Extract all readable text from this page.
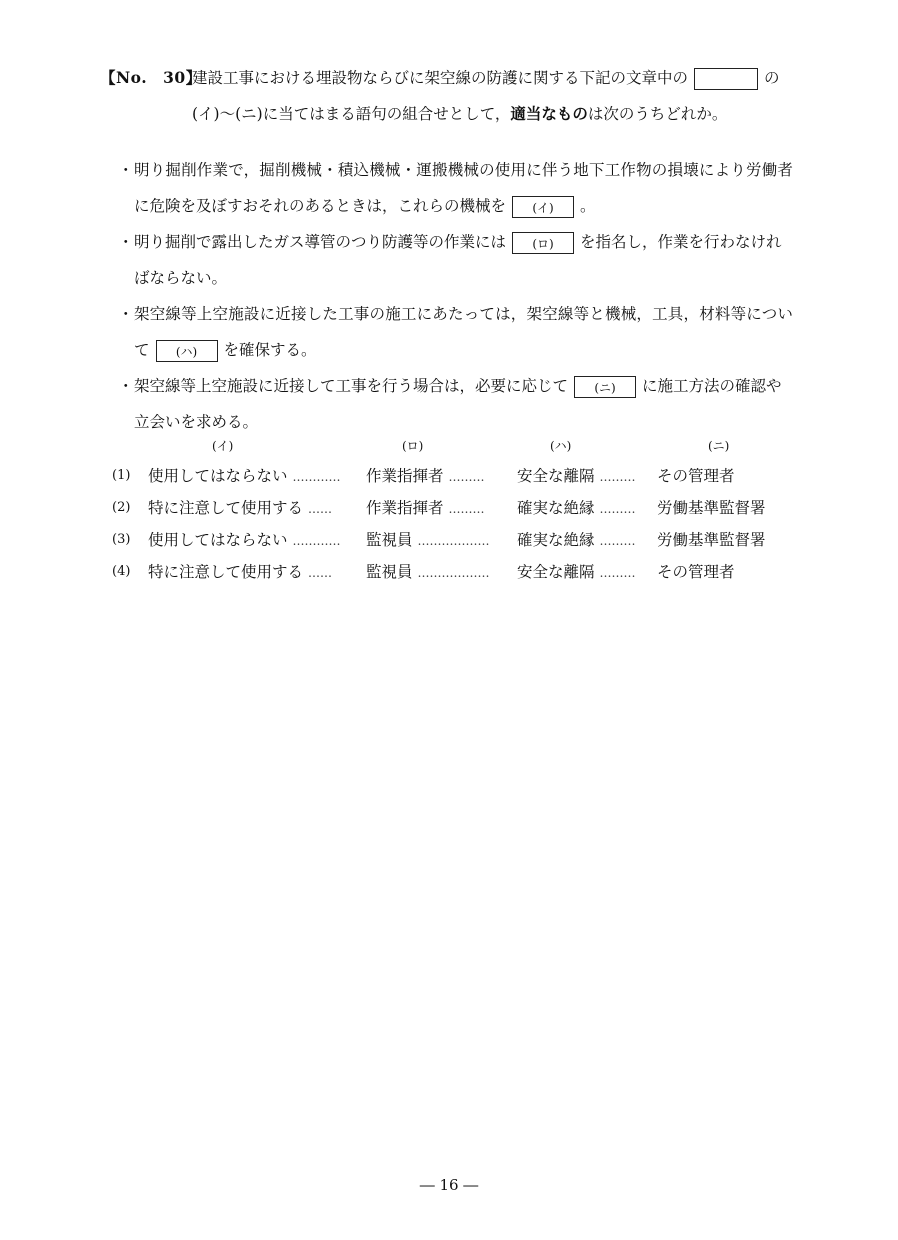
【No.　30】
建設工事における埋設物ならびに架空線の防護に関する下記の文章中の	の
(イ)～(ニ)に当てはまる語句の組合せとして，適当なものは次のうちどれか。
・ 明り掘削作業で，掘削機械・積込機械・運搬機械の使用に伴う地下工作物の損壊により労働者
に危険を及ぼすおそれのあるときは，これらの機械を (イ) 。
・ 明り掘削で露出したガス導管のつり防護等の作業には (ロ) を指名し，作業を行わなけれ
ばならない。
・ 架空線等上空施設に近接した工事の施工にあたっては，架空線等と機械，工具，材料等につい
て (ハ) を確保する。
・ 架空線等上空施設に近接して工事を行う場合は，必要に応じて (ニ) に施工方法の確認や
立会いを求める。
(イ)	(ロ)	(ハ)	(ニ)
(1) 使用してはならない ………… 作業指揮者 ……… 安全な離隔 ……… その管理者
(2) 特に注意して使用する …… 作業指揮者 ……… 確実な絶縁 ……… 労働基準監督署
(3) 使用してはならない ………… 監視員 ……………… 確実な絶縁 ……… 労働基準監督署
(4) 特に注意して使用する …… 監視員 ……………… 安全な離隔 ……… その管理者
― 16 ―
